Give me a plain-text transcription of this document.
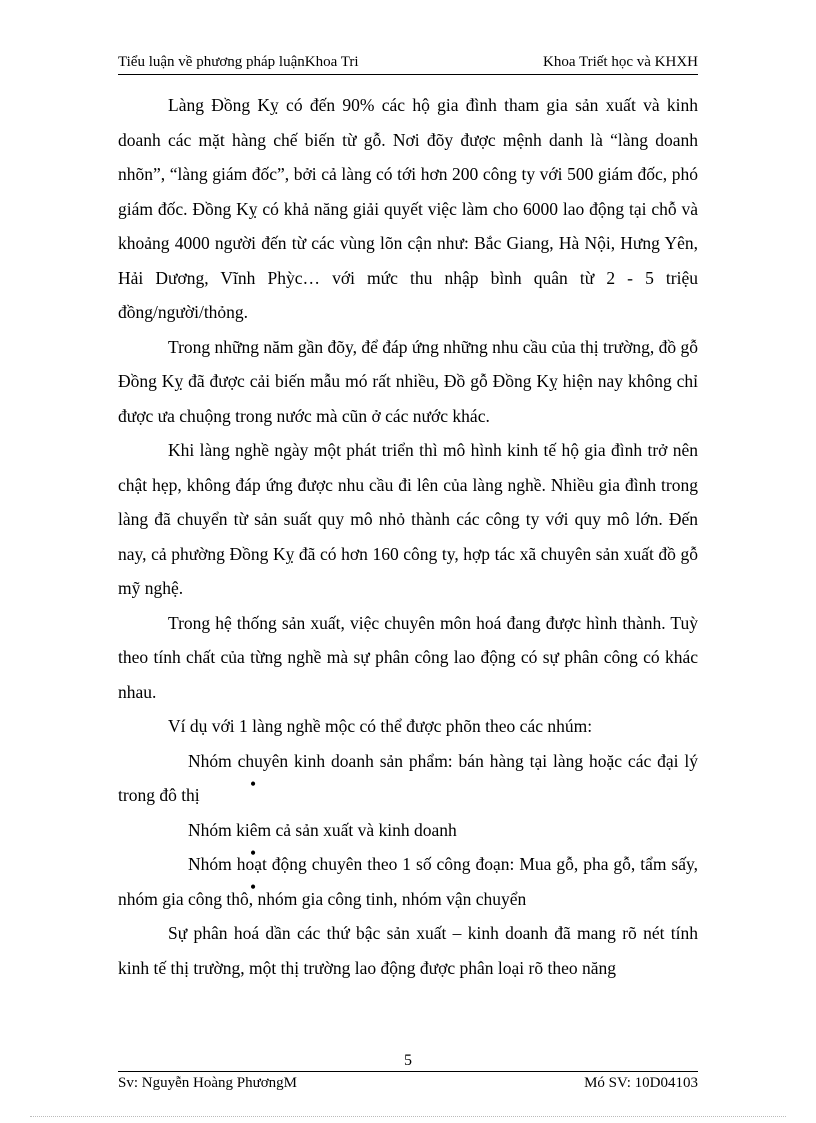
Tiểu luận về phương pháp luậnKhoa Tri	Khoa Triết học và KHXH

Làng Đồng Kỵ có đến 90% các hộ gia đình tham gia sản xuất và kinh doanh các mặt hàng chế biến từ gỗ. Nơi đõy được mệnh danh là “làng doanh nhõn”, “làng giám đốc”, bởi cả làng có tới hơn 200 công ty với 500 giám đốc, phó giám đốc. Đồng Kỵ có khả năng giải quyết việc làm cho 6000 lao động tại chỗ và khoảng 4000 người đến từ các vùng lõn cận như: Bắc Giang, Hà Nội, Hưng Yên, Hải Dương, Vĩnh Phỳc… với mức thu nhập bình quân từ 2 - 5 triệu đồng/người/thỏng.

Trong những năm gần đõy, để đáp ứng những nhu cầu của thị trường, đồ gỗ Đồng Kỵ đã được cải biến mẫu mó rất nhiều, Đồ gỗ Đồng Kỵ hiện nay không chỉ được ưa chuộng trong nước mà cũn ở các nước khác.

Khi làng nghề ngày một phát triển thì mô hình kinh tế hộ gia đình trở nên chật hẹp, không đáp ứng được nhu cầu đi lên của làng nghề. Nhiều gia đình trong làng đã chuyển từ sản suất quy mô nhỏ thành các công ty với quy mô lớn. Đến nay, cả phường Đồng Kỵ đã có hơn 160 công ty, hợp tác xã chuyên sản xuất đồ gỗ mỹ nghệ.

Trong hệ thống sản xuất, việc chuyên môn hoá đang được hình thành. Tuỳ theo tính chất của từng nghề mà sự phân công lao động có sự phân công có khác nhau.

Ví dụ với 1 làng nghề mộc có thể được phõn theo các nhúm:

Nhóm chuyên kinh doanh sản phẩm: bán hàng tại làng hoặc các đại lý trong đô thị

Nhóm kiêm cả sản xuất và kinh doanh

Nhóm hoạt động chuyên theo 1 số công đoạn: Mua gỗ, pha gỗ, tẩm sấy, nhóm gia công thô, nhóm gia công tinh, nhóm vận chuyển

Sự phân hoá dần các thứ bậc sản xuất – kinh doanh đã mang rõ nét tính kinh tế thị trường, một thị trường lao động được phân loại rõ theo năng

5
Sv: Nguyễn Hoàng PhươngM	Mó SV: 10D04103
